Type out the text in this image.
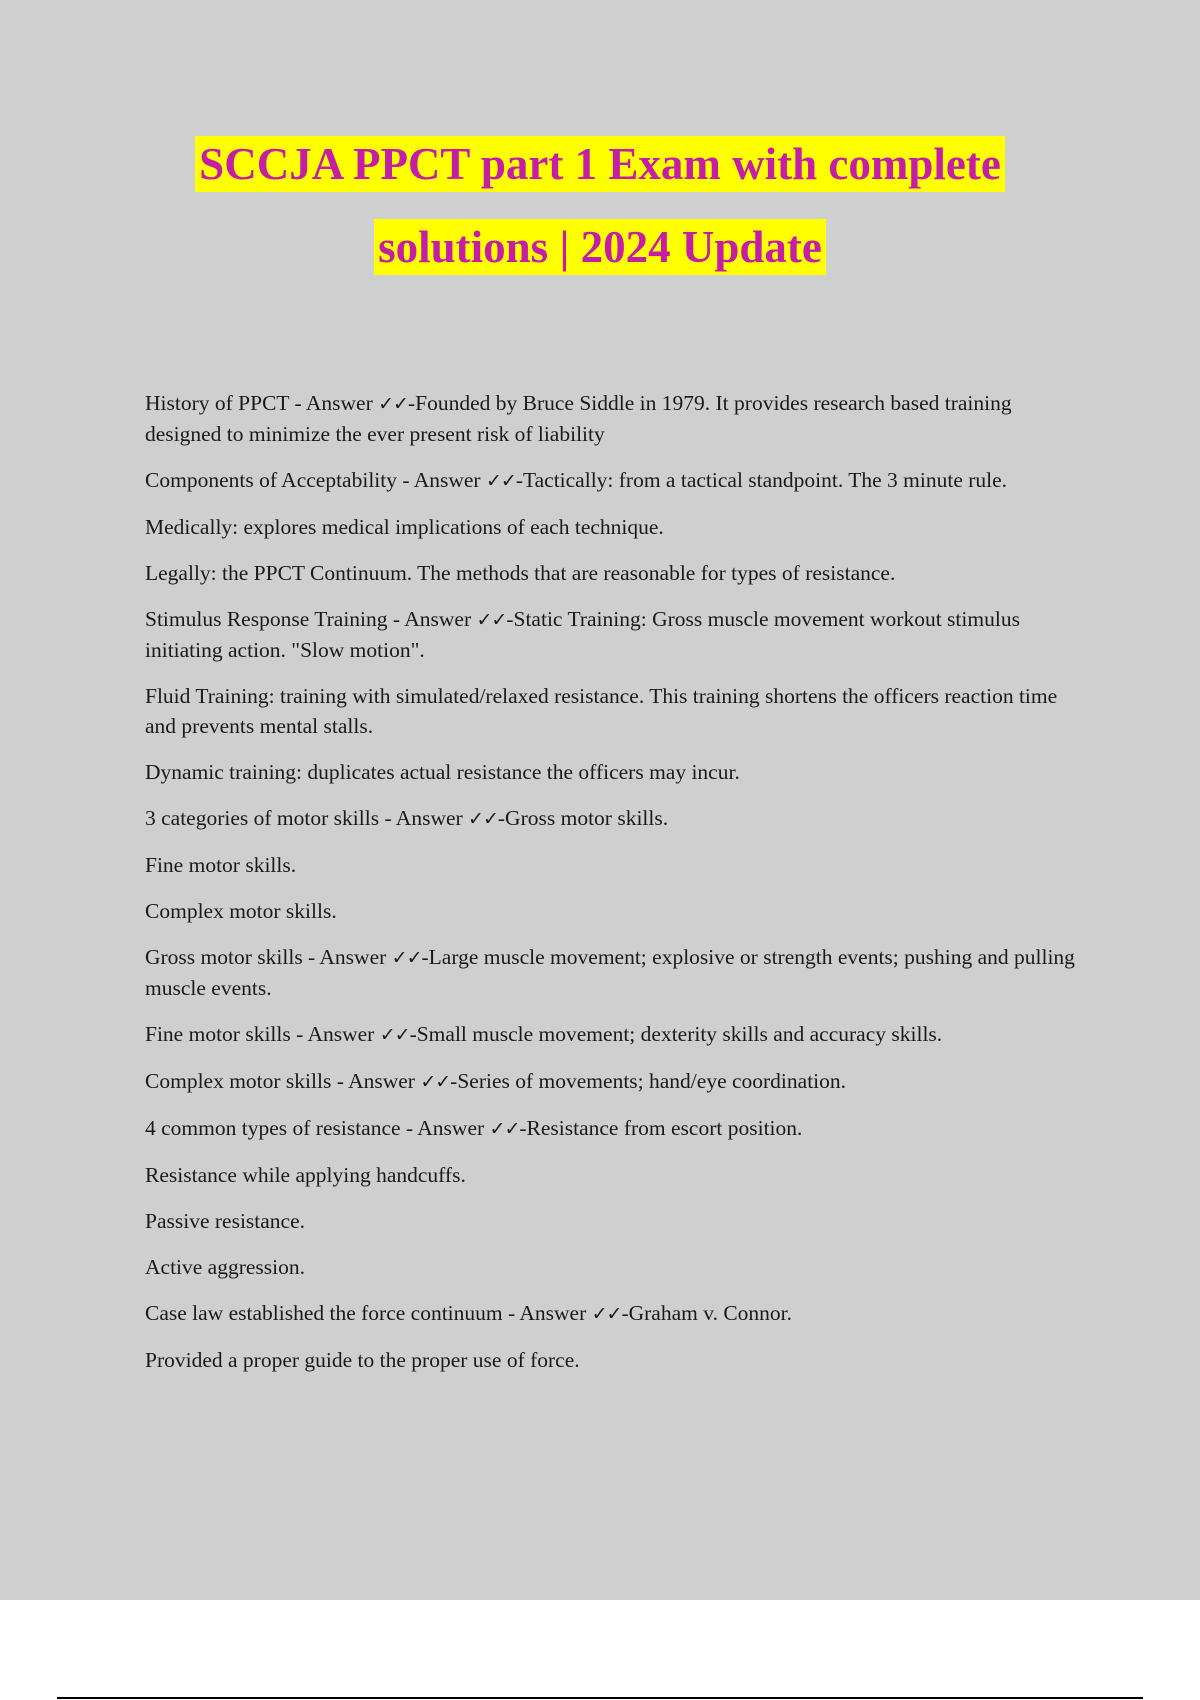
SCCJA PPCT part 1 Exam with complete
solutions | 2024 Update

History of PPCT - Answer ✓✓-Founded by Bruce Siddle in 1979. It provides research based training designed to minimize the ever present risk of liability

Components of Acceptability - Answer ✓✓-Tactically: from a tactical standpoint. The 3 minute rule.

Medically: explores medical implications of each technique.

Legally: the PPCT Continuum. The methods that are reasonable for types of resistance.

Stimulus Response Training - Answer ✓✓-Static Training: Gross muscle movement workout stimulus initiating action. "Slow motion".

Fluid Training: training with simulated/relaxed resistance. This training shortens the officers reaction time and prevents mental stalls.

Dynamic training: duplicates actual resistance the officers may incur.

3 categories of motor skills - Answer ✓✓-Gross motor skills.

Fine motor skills.

Complex motor skills.

Gross motor skills - Answer ✓✓-Large muscle movement; explosive or strength events; pushing and pulling muscle events.

Fine motor skills - Answer ✓✓-Small muscle movement; dexterity skills and accuracy skills.

Complex motor skills - Answer ✓✓-Series of movements; hand/eye coordination.

4 common types of resistance - Answer ✓✓-Resistance from escort position.

Resistance while applying handcuffs.

Passive resistance.

Active aggression.

Case law established the force continuum - Answer ✓✓-Graham v. Connor.

Provided a proper guide to the proper use of force.
